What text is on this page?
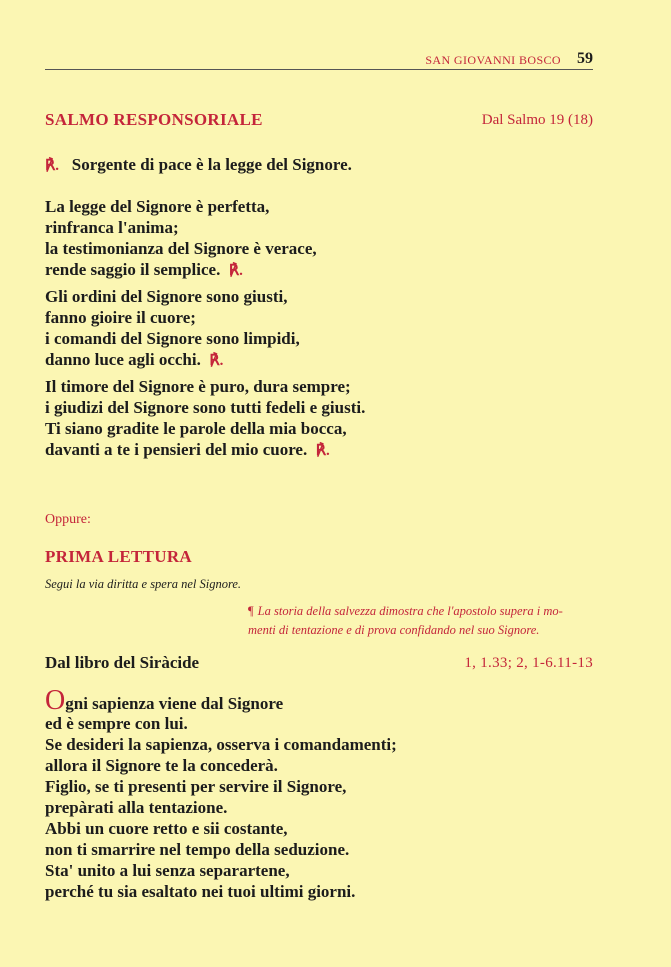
SAN GIOVANNI BOSCO 59
SALMO RESPONSORIALE	Dal Salmo 19 (18)
℟. Sorgente di pace è la legge del Signore.
La legge del Signore è perfetta,
rinfranca l'anima;
la testimonianza del Signore è verace,
rende saggio il semplice. ℟.
Gli ordini del Signore sono giusti,
fanno gioire il cuore;
i comandi del Signore sono limpidi,
danno luce agli occhi. ℟.
Il timore del Signore è puro, dura sempre;
i giudizi del Signore sono tutti fedeli e giusti.
Ti siano gradite le parole della mia bocca,
davanti a te i pensieri del mio cuore. ℟.
Oppure:
PRIMA LETTURA
Segui la via diritta e spera nel Signore.
¶ La storia della salvezza dimostra che l'apostolo supera i mo-
menti di tentazione e di prova confidando nel suo Signore.
Dal libro del Siràcide	1, 1.33; 2, 1-6.11-13
Ogni sapienza viene dal Signore
ed è sempre con lui.
Se desideri la sapienza, osserva i comandamenti;
allora il Signore te la concederà.
Figlio, se ti presenti per servire il Signore,
prepàrati alla tentazione.
Abbi un cuore retto e sii costante,
non ti smarrire nel tempo della seduzione.
Sta' unito a lui senza separartene,
perché tu sia esaltato nei tuoi ultimi giorni.
